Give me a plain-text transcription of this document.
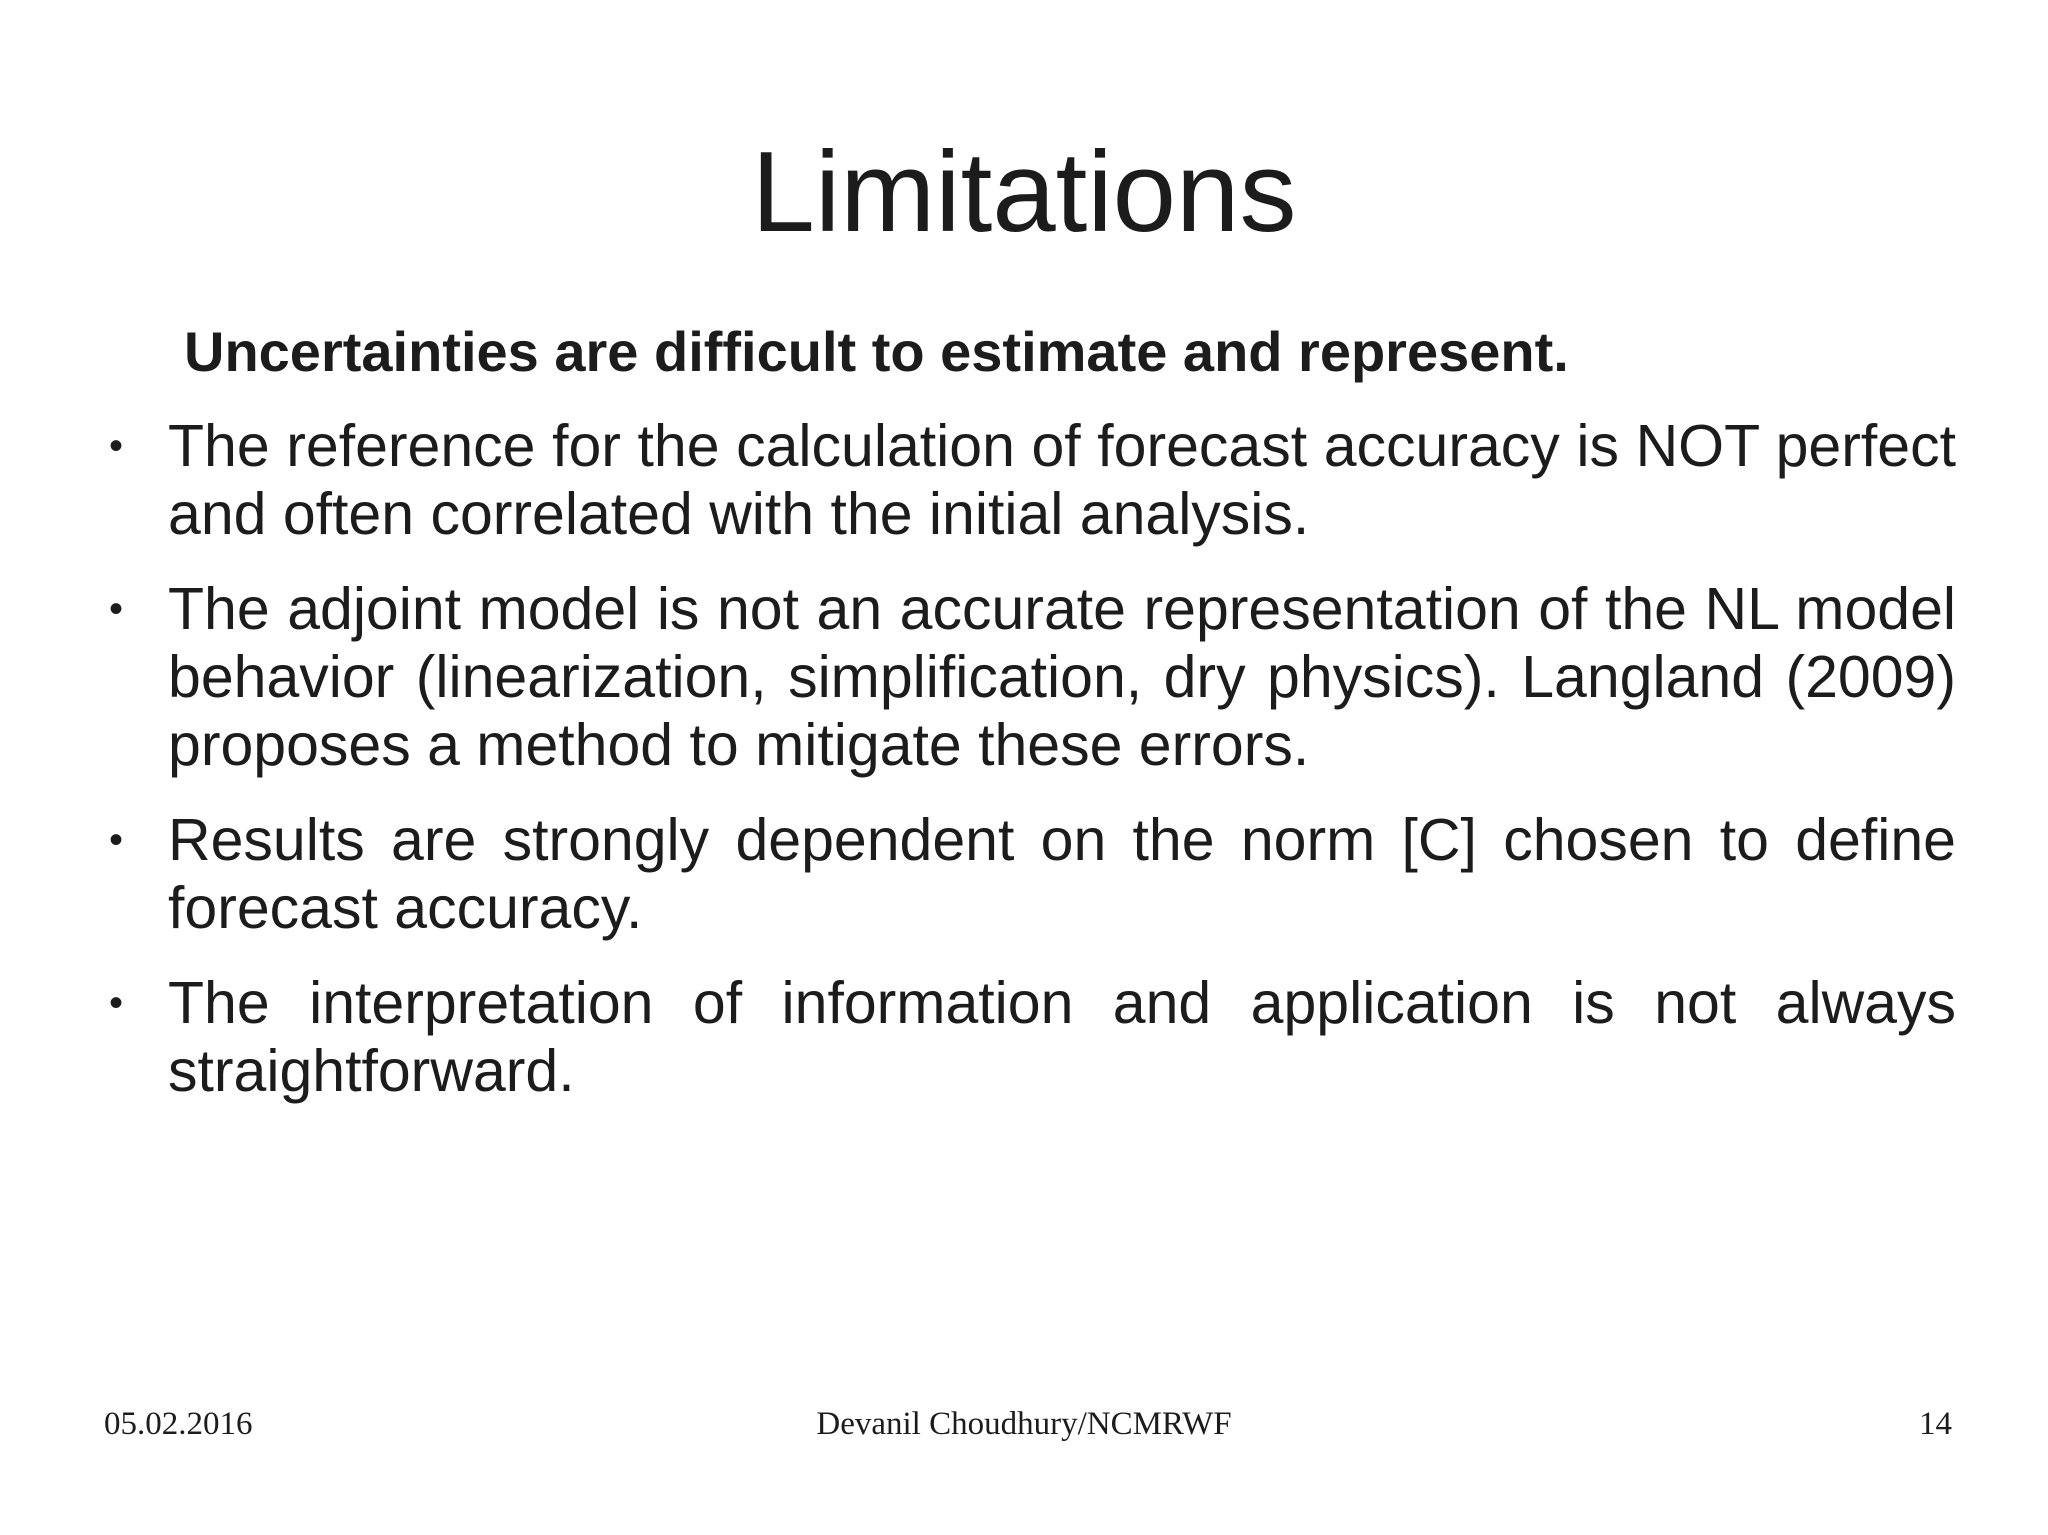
Limitations
Uncertainties are difficult to estimate and represent.
• The reference for the calculation of forecast accuracy is NOT perfect and often correlated with the initial analysis.
• The adjoint model is not an accurate representation of the NL model behavior (linearization, simplification, dry physics). Langland (2009) proposes a method to mitigate these errors.
• Results are strongly dependent on the norm [C] chosen to define forecast accuracy.
• The interpretation of information and application is not always straightforward.
05.02.2016	Devanil Choudhury/NCMRWF	14
